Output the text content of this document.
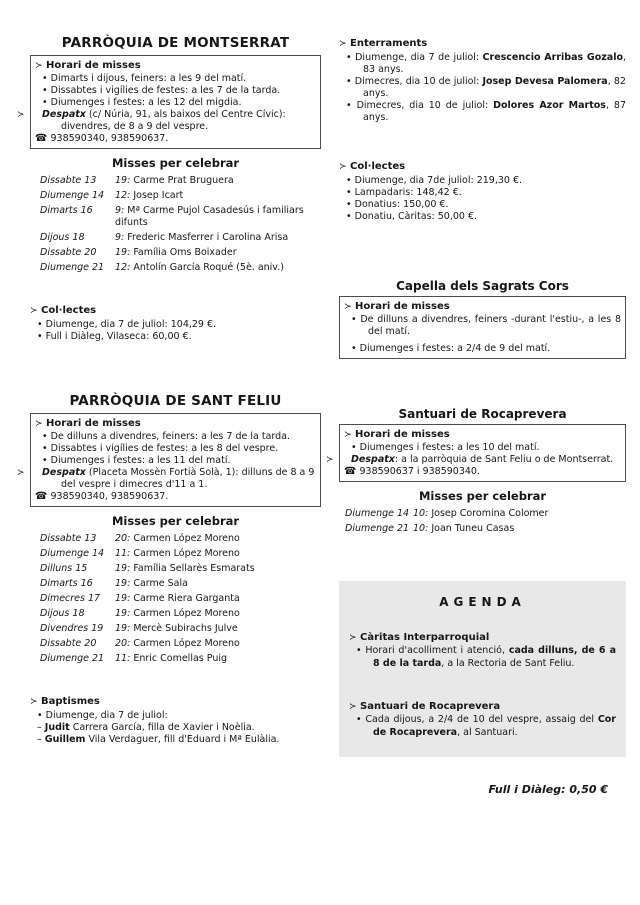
PARRÒQUIA DE MONTSERRAT
≻ Horari de misses
• Dimarts i dijous, feiners: a les 9 del matí.
• Dissabtes i vigílies de festes: a les 7 de la tarda.
• Diumenges i festes: a les 12 del migdia.
≻ Despatx (c/ Núria, 91, als baixos del Centre Cívic): divendres, de 8 a 9 del vespre.
☎ 938590340, 938590637.
Misses per celebrar
Dissabte 13	19: Carme Prat Bruguera
Diumenge 14	12: Josep Icart
Dimarts 16	9: Mª Carme Pujol Casadesús i familiars difunts
Dijous 18	9: Frederic Masferrer i Carolina Arisa
Dissabte 20	19: Família Oms Boixader
Diumenge 21	12: Antolín García Roqué (5è. aniv.)
≻ Col·lectes
• Diumenge, dia 7 de juliol: 104,29 €.
• Full i Diàleg, Vilaseca: 60,00 €.
PARRÒQUIA DE SANT FELIU
≻ Horari de misses
• De dilluns a divendres, feiners: a les 7 de la tarda.
• Dissabtes i vigílies de festes: a les 8 del vespre.
• Diumenges i festes: a les 11 del matí.
≻ Despatx (Placeta Mossèn Fortià Solà, 1): dilluns de 8 a 9 del vespre i dimecres d'11 a 1.
☎ 938590340, 938590637.
Misses per celebrar
Dissabte 13	20: Carmen López Moreno
Diumenge 14	11: Carmen López Moreno
Dilluns 15	19: Família Sellarès Esmarats
Dimarts 16	19: Carme Sala
Dimecres 17	19: Carme Riera Garganta
Dijous 18	19: Carmen López Moreno
Divendres 19	19: Mercè Subirachs Julve
Dissabte 20	20: Carmen López Moreno
Diumenge 21	11: Enric Comellas Puig
≻ Baptismes
• Diumenge, dia 7 de juliol:
– Judit Carrera García, filla de Xavier i Noèlia.
– Guillem Vila Verdaguer, fill d'Eduard i Mª Eulàlia.
≻ Enterraments
• Diumenge, dia 7 de juliol: Crescencio Arribas Gozalo, 83 anys.
• Dimecres, dia 10 de juliol: Josep Devesa Palomera, 82 anys.
• Dimecres, dia 10 de juliol: Dolores Azor Martos, 87 anys.
≻ Col·lectes
• Diumenge, dia 7de juliol: 219,30 €.
• Lampadaris: 148,42 €.
• Donatius: 150,00 €.
• Donatiu, Càritas: 50,00 €.
Capella dels Sagrats Cors
≻ Horari de misses
• De dilluns a divendres, feiners -durant l'estiu-, a les 8 del matí.
• Diumenges i festes: a 2/4 de 9 del matí.
Santuari de Rocaprevera
≻ Horari de misses
• Diumenges i festes: a les 10 del matí.
≻ Despatx: a la parròquia de Sant Feliu o de Montserrat.
☎ 938590637 i 938590340.
Misses per celebrar
Diumenge 14 10: Josep Coromina Colomer
Diumenge 21 10: Joan Tuneu Casas
AGENDA
≻ Càritas Interparroquial
• Horari d'acolliment i atenció, cada dilluns, de 6 a 8 de la tarda, a la Rectoria de Sant Feliu.
≻ Santuari de Rocaprevera
• Cada dijous, a 2/4 de 10 del vespre, assaig del Cor de Rocaprevera, al Santuari.
Full i Diàleg: 0,50 €
